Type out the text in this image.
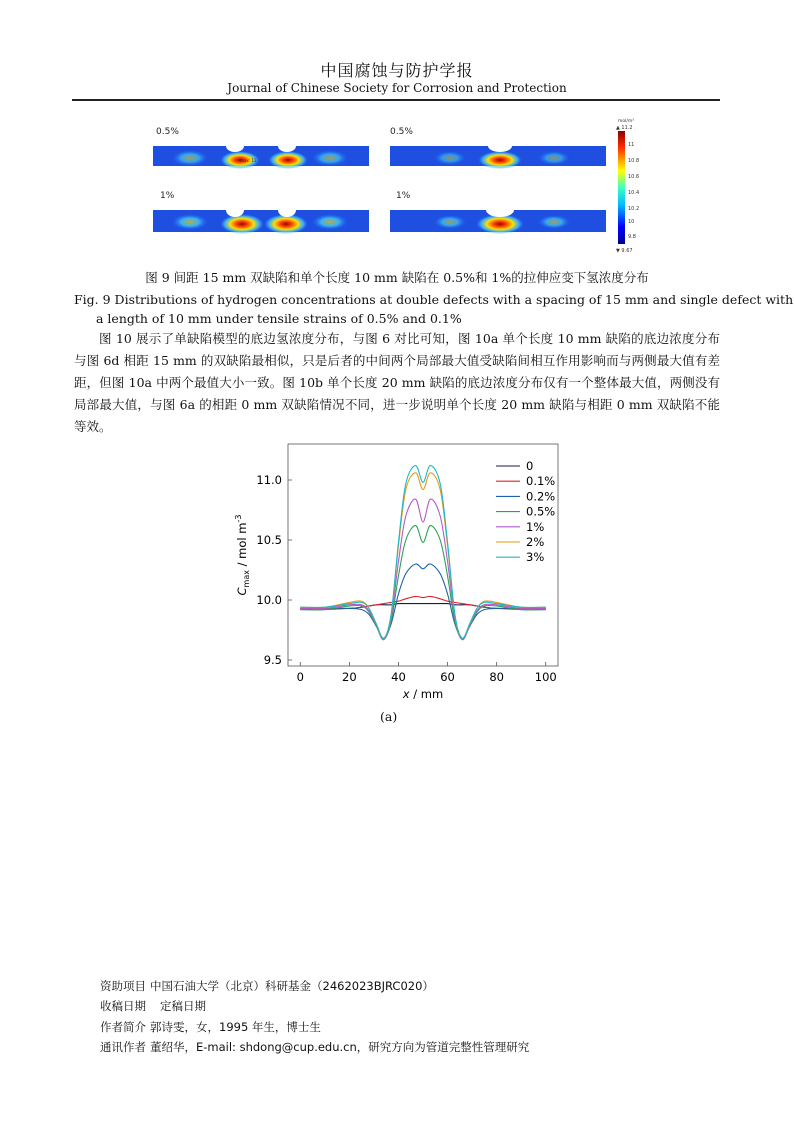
中国腐蚀与防护学报
Journal of Chinese Society for Corrosion and Protection
0.5%	0.5%
1%	1%
max: 11
mol/m³
▲ 11.2
11
10.8
10.6
10.4
10.2
10
9.8
▼ 9.67
图 9 间距 15 mm 双缺陷和单个长度 10 mm 缺陷在 0.5%和 1%的拉伸应变下氢浓度分布
Fig. 9 Distributions of hydrogen concentrations at double defects with a spacing of 15 mm and single defect with
a length of 10 mm under tensile strains of 0.5% and 0.1%
图 10 展示了单缺陷模型的底边氢浓度分布，与图 6 对比可知，图 10a 单个长度 10 mm 缺陷的底边浓度分布与图 6d 相距 15 mm 的双缺陷最相似，只是后者的中间两个局部最大值受缺陷间相互作用影响而与两侧最大值有差距，但图 10a 中两个最值大小一致。图 10b 单个长度 20 mm 缺陷的底边浓度分布仅有一个整体最大值，两侧没有局部最大值，与图 6a 的相距 0 mm 双缺陷情况不同，进一步说明单个长度 20 mm 缺陷与相距 0 mm 双缺陷不能等效。
0	20	40	60	80	100
9.5
10.0
10.5
11.0
0
0.1%
0.2%
0.5%
1%
2%
3%
x / mm
$C_{max}$ / mol $m^{-3}$
(a)
资助项目 中国石油大学（北京）科研基金（2462023BJRC020）
收稿日期 定稿日期
作者简介 郭诗雯，女，1995 年生，博士生
通讯作者 董绍华，E-mail: shdong@cup.edu.cn，研究方向为管道完整性管理研究
